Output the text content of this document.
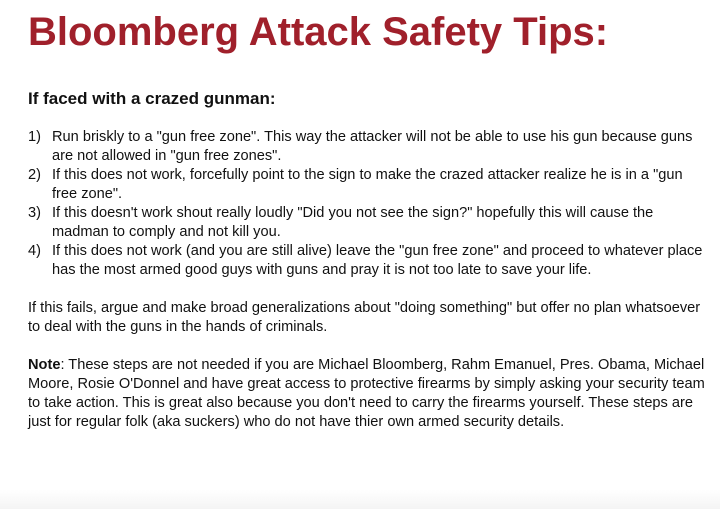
Bloomberg Attack Safety Tips:
If faced with a crazed gunman:
1) Run briskly to a "gun free zone". This way the attacker will not be able to use his gun because guns are not allowed in "gun free zones".
2) If this does not work, forcefully point to the sign to make the crazed attacker realize he is in a "gun free zone".
3) If this doesn't work shout really loudly "Did you not see the sign?" hopefully this will cause the madman to comply and not kill you.
4) If this does not work (and you are still alive) leave the "gun free zone" and proceed to whatever place has the most armed good guys with guns and pray it is not too late to save your life.

If this fails, argue and make broad generalizations about "doing something" but offer no plan whatsoever to deal with the guns in the hands of criminals.

Note: These steps are not needed if you are Michael Bloomberg, Rahm Emanuel, Pres. Obama, Michael Moore, Rosie O'Donnel and have great access to protective firearms by simply asking your security team to take action. This is great also because you don't need to carry the firearms yourself. These steps are just for regular folk (aka suckers) who do not have thier own armed security details.
